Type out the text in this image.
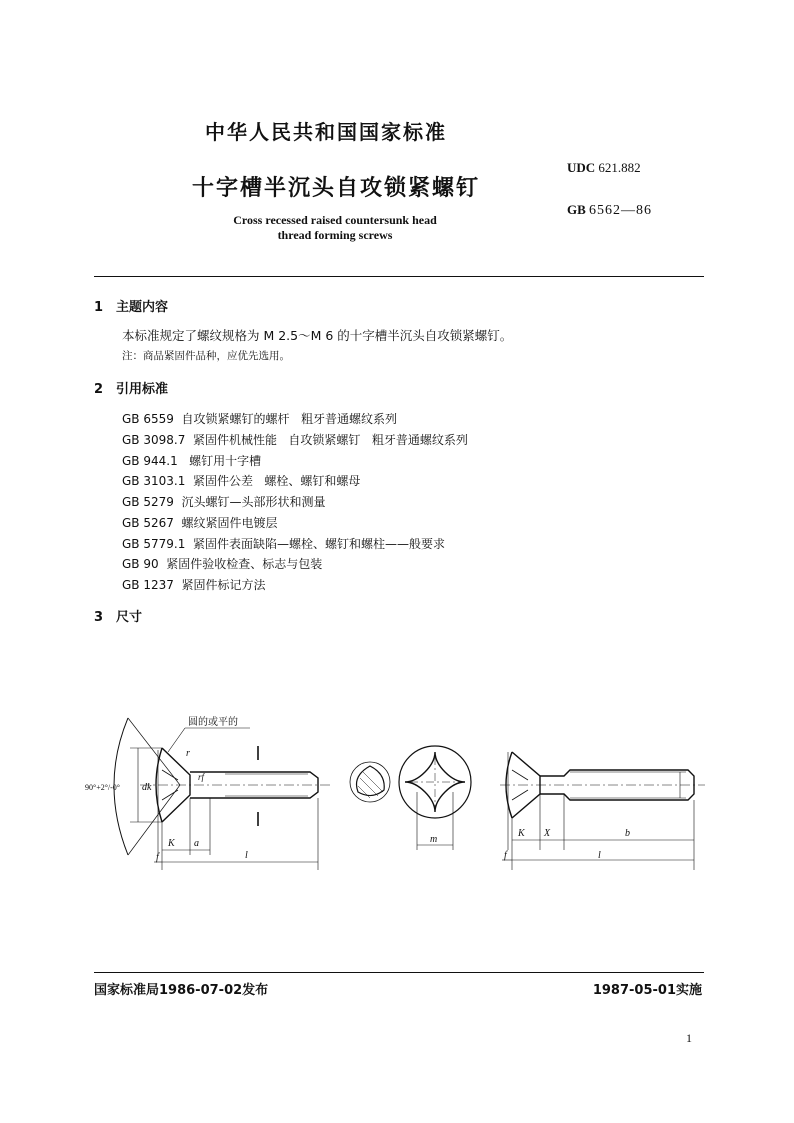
中华人民共和国国家标准
十字槽半沉头自攻锁紧螺钉
Cross recessed raised countersunk head
thread forming screws
UDC 621.882
GB 6562—86
1 主题内容
本标准规定了螺纹规格为 M 2.5～M 6 的十字槽半沉头自攻锁紧螺钉。
注：商品紧固件品种，应优先选用。
2 引用标准
GB 6559  自攻锁紧螺钉的螺杆   粗牙普通螺纹系列
GB 3098.7  紧固件机械性能   自攻锁紧螺钉   粗牙普通螺纹系列
GB 944.1   螺钉用十字槽
GB 3103.1  紧固件公差   螺栓、螺钉和螺母
GB 5279  沉头螺钉—头部形状和测量
GB 5267  螺纹紧固件电镀层
GB 5779.1  紧固件表面缺陷—螺栓、螺钉和螺柱——般要求
GB 90  紧固件验收检查、标志与包装
GB 1237  紧固件标记方法
3 尺寸
圆的或平的
90°+2°/-0° dk
r
rf
K a
f	l
m
K X	b
f	l
国家标准局1986-07-02发布	1987-05-01实施
1
